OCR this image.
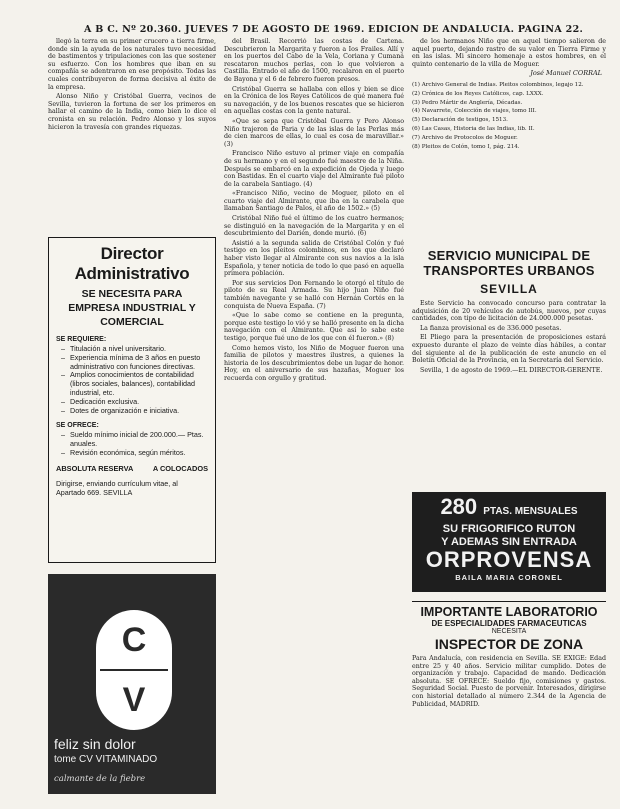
A B C. Nº 20.360. JUEVES 7 DE AGOSTO DE 1969. EDICION DE ANDALUCIA. PAGINA 22.

llegó la terra en su primer crucero a tierra firme, donde sin la ayuda de los naturales tuvo necesidad de bastimentos y tripulaciones con las que sostener su esfuerzo. Con los hombres que iban en su compañía se adentraron en ese propósito. Todas las cuales contribuyeron de forma decisiva al éxito de la empresa.

Alonso Niño y Cristóbal Guerra, vecinos de Sevilla, tuvieron la fortuna de ser los primeros en hallar el camino de la India, como bien lo dice el cronista en su relación. Pedro Alonso y los suyos hicieron la travesía con grandes riquezas.

Director Administrativo
SE NECESITA PARA EMPRESA INDUSTRIAL Y COMERCIAL
SE REQUIERE:
– Titulación a nivel universitario.
– Experiencia mínima de 3 años en puesto administrativo con funciones directivas.
– Amplios conocimientos de contabilidad (libros sociales, balances), contabilidad industrial, etc.
– Dedicación exclusiva.
– Dotes de organización e iniciativa.
SE OFRECE:
– Sueldo mínimo inicial de 200.000.— Ptas. anuales.
– Revisión económica, según méritos.
ABSOLUTA RESERVA	A COLOCADOS
Dirigirse, enviando currículum vitae, al Apartado 669. SEVILLA
C
V
feliz sin dolor
tome CV VITAMINADO
calmante de la fiebre

del Brasil. Recorrió las costas de Cartena. Descubrieron la Margarita y fueron a Ios Frailes. Allí y en los puertos del Cabo de la Vela, Coriana y Cumaná rescataron muchos perlas, con lo que volvieron a Castilla. Entrado el año de 1500, recalaron en el puerto de Bayona y el 6 de febrero fueron presos.

Cristóbal Guerra se hallaba con ellos y bien se dice en la Crónica de los Reyes Católicos de qué manera fué su navegación, y de los buenos rescates que se hicieron en aquellas costas con la gente natural.

«Que se sepa que Cristóbal Guerra y Pero Alonso Niño trajeron de Paria y de las islas de las Perlas más de cien marcos de ellas, lo cual es cosa de maravillar.» (3)

Francisco Niño estuvo al primer viaje en compañía de su hermano y en el segundo fué maestre de la Niña. Después se embarcó en la expedición de Ojeda y luego con Bastidas. En el cuarto viaje del Almirante fué piloto de la carabela Santiago. (4)

«Francisco Niño, vecino de Moguer, piloto en el cuarto viaje del Almirante, que iba en la carabela que llamaban Santiago de Palos, el año de 1502.» (5)

Cristóbal Niño fué el último de los cuatro hermanos; se distinguió en la navegación de la Margarita y en el descubrimiento del Darién, donde murió. (6)

Asistió a la segunda salida de Cristóbal Colón y fué testigo en los pleitos colombinos, en los que declaró haber visto llegar al Almirante con sus navíos a la isla Española, y tener noticia de todo lo que pasó en aquella primera población.

Por sus servicios Don Fernando le otorgó el título de piloto de su Real Armada. Su hijo Juan Niño fué también navegante y se halló con Hernán Cortés en la conquista de Nueva España. (7)

«Que lo sabe como se contiene en la pregunta, porque este testigo lo vió y se halló presente en la dicha navegación con el Almirante. Que así lo sabe este testigo, porque fué uno de los que con él fueron.» (8)

Como hemos visto, los Niño de Moguer fueron una familia de pilotos y maestres ilustres, a quienes la historia de los descubrimientos debe un lugar de honor. Hoy, en el aniversario de sus hazañas, Moguer los recuerda con orgullo y gratitud.

de los hermanos Niño que en aquel tiempo salieron de aquel puerto, dejando rastro de su valor en Tierra Firme y en las islas. Mi sincero homenaje a estos hombres, en el quinto centenario de la villa de Moguer.

José Manuel CORRAL

(1) Archivo General de Indias. Pleitos colombinos, legajo 12.

(2) Crónica de los Reyes Católicos, cap. LXXX.

(3) Pedro Mártir de Anglería, Décadas.

(4) Navarrete, Colección de viajes, tomo III.

(5) Declaración de testigos, 1513.

(6) Las Casas, Historia de las Indias, lib. II.

(7) Archivo de Protocolos de Moguer.

(8) Pleitos de Colón, tomo I, pág. 214.

SERVICIO MUNICIPAL DE TRANSPORTES URBANOS
SEVILLA

Este Servicio ha convocado concurso para contratar la adquisición de 20 vehículos de autobús, nuevos, por cuyas cantidades, con tipo de licitación de 24.000.000 pesetas.

La fianza provisional es de 336.000 pesetas.

El Pliego para la presentación de proposiciones estará expuesto durante el plazo de veinte días hábiles, a contar del siguiente al de la publicación de este anuncio en el Boletín Oficial de la Provincia, en la Secretaría del Servicio.

Sevilla, 1 de agosto de 1969.—EL DIRECTOR-GERENTE.

280 PTAS. MENSUALES
SU FRIGORIFICO RUTON
Y ADEMAS SIN ENTRADA
ORPROVENSA
BAILA MARIA CORONEL
IMPORTANTE LABORATORIO
DE ESPECIALIDADES FARMACEUTICAS
NECESITA
INSPECTOR DE ZONA
Para Andalucía, con residencia en Sevilla. SE EXIGE: Edad entre 25 y 40 años. Servicio militar cumplido. Dotes de organización y trabajo. Capacidad de mando. Dedicación absoluta. SE OFRECE: Sueldo fijo, comisiones y gastos. Seguridad Social. Puesto de porvenir. Interesados, dirigirse con historial detallado al número 2.344 de la Agencia de Publicidad, MADRID.
